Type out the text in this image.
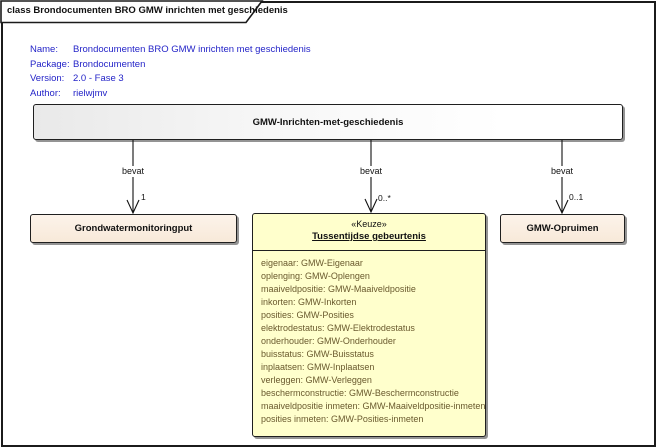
class Brondocumenten BRO GMW inrichten met geschiedenis
Name:	Brondocumenten BRO GMW inrichten met geschiedenis
Package: Brondocumenten
Version: 2.0 - Fase 3
Author:	rielwjmv
GMW-Inrichten-met-geschiedenis
bevat	bevat	bevat
1	0..*	0..1
Grondwatermonitoringput	«Keuze»
Tussentijdse gebeurtenis
eigenaar: GMW-Eigenaar
oplenging: GMW-Oplengen
maaiveldpositie: GMW-Maaiveldpositie
inkorten: GMW-Inkorten
posities: GMW-Posities
elektrodestatus: GMW-Elektrodestatus
onderhouder: GMW-Onderhouder
buisstatus: GMW-Buisstatus
inplaatsen: GMW-Inplaatsen
verleggen: GMW-Verleggen
beschermconstructie: GMW-Beschermconstructie
maaiveldpositie inmeten: GMW-Maaiveldpositie-inmeten
posities inmeten: GMW-Posities-inmeten
GMW-Opruimen
